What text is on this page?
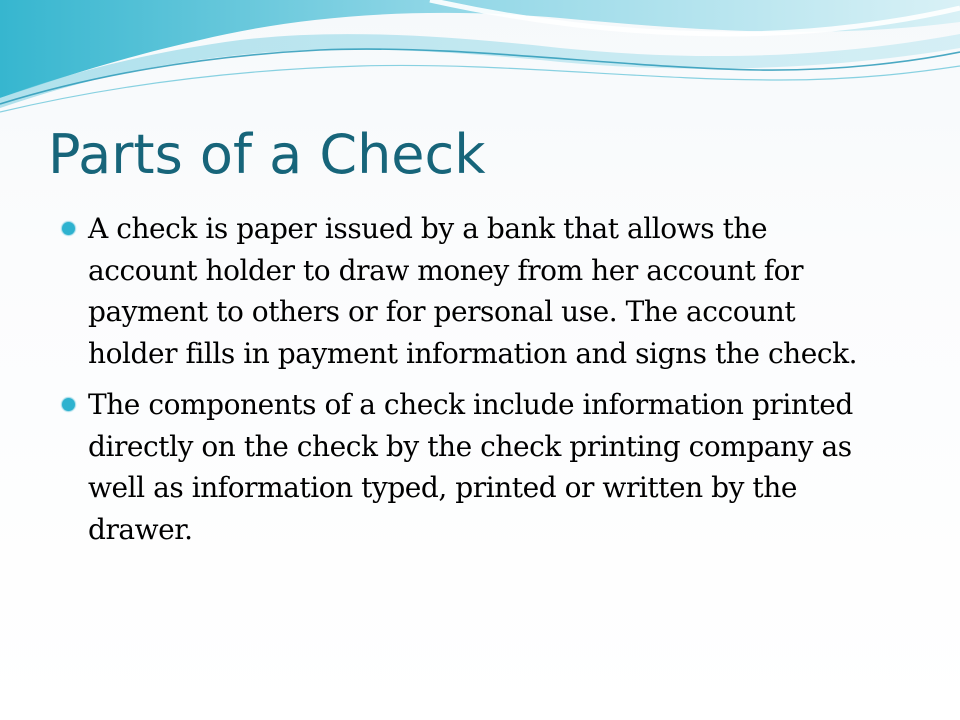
Parts of a Check
A check is paper issued by a bank that allows the account holder to draw money from her account for payment to others or for personal use. The account holder fills in payment information and signs the check.
The components of a check include information printed directly on the check by the check printing company as well as information typed, printed or written by the drawer.
